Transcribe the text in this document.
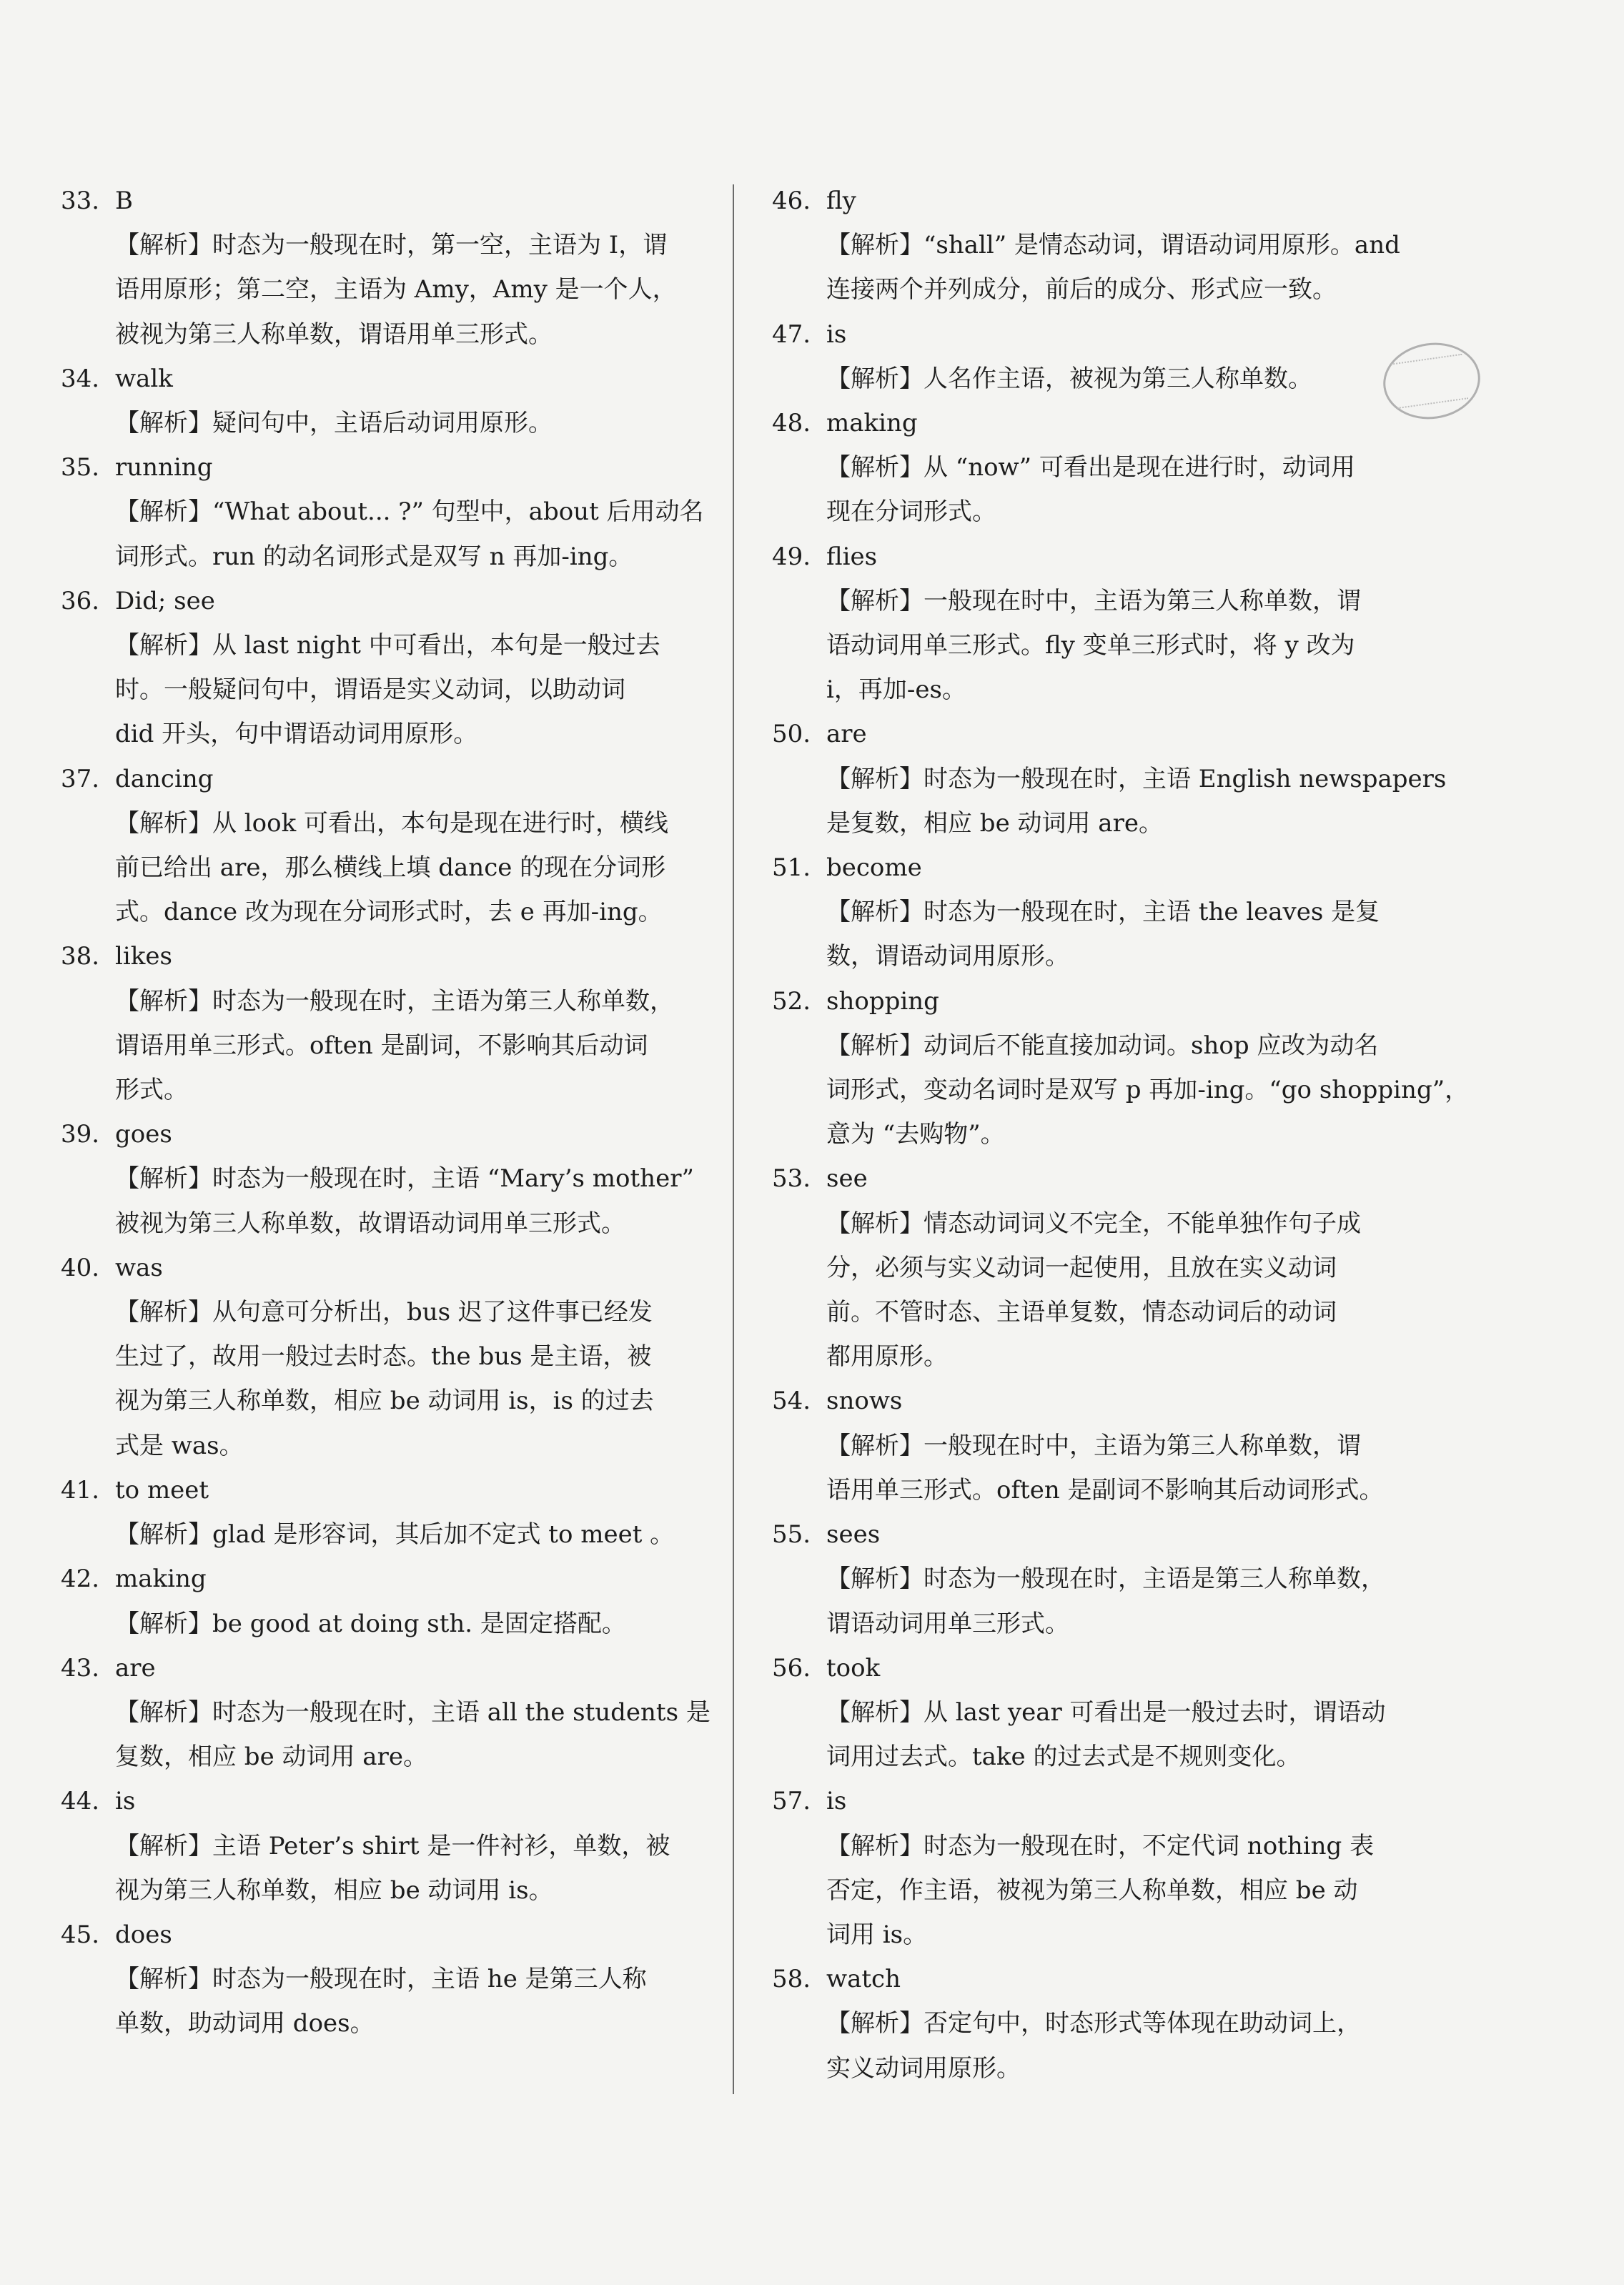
33. B
【解析】时态为一般现在时，第一空，主语为 I，谓
语用原形；第二空，主语为 Amy，Amy 是一个人，
被视为第三人称单数，谓语用单三形式。
34. walk
【解析】疑问句中，主语后动词用原形。
35. running
【解析】“What about... ?” 句型中，about 后用动名
词形式。run 的动名词形式是双写 n 再加-ing。
36. Did; see
【解析】从 last night 中可看出，本句是一般过去
时。一般疑问句中，谓语是实义动词，以助动词
did 开头，句中谓语动词用原形。
37. dancing
【解析】从 look 可看出，本句是现在进行时，横线
前已给出 are，那么横线上填 dance 的现在分词形
式。dance 改为现在分词形式时，去 e 再加-ing。
38. likes
【解析】时态为一般现在时，主语为第三人称单数，
谓语用单三形式。often 是副词，不影响其后动词
形式。
39. goes
【解析】时态为一般现在时，主语 “Mary’s mother”
被视为第三人称单数，故谓语动词用单三形式。
40. was
【解析】从句意可分析出，bus 迟了这件事已经发
生过了，故用一般过去时态。the bus 是主语，被
视为第三人称单数，相应 be 动词用 is，is 的过去
式是 was。
41. to meet
【解析】glad 是形容词，其后加不定式 to meet 。
42. making
【解析】be good at doing sth. 是固定搭配。
43. are
【解析】时态为一般现在时，主语 all the students 是
复数，相应 be 动词用 are。
44. is
【解析】主语 Peter’s shirt 是一件衬衫，单数，被
视为第三人称单数，相应 be 动词用 is。
45. does
【解析】时态为一般现在时，主语 he 是第三人称
单数，助动词用 does。
46. fly
【解析】“shall” 是情态动词，谓语动词用原形。and
连接两个并列成分，前后的成分、形式应一致。
47. is
【解析】人名作主语，被视为第三人称单数。
48. making
【解析】从 “now” 可看出是现在进行时，动词用
现在分词形式。
49. flies
【解析】一般现在时中，主语为第三人称单数，谓
语动词用单三形式。fly 变单三形式时，将 y 改为
i，再加-es。
50. are
【解析】时态为一般现在时，主语 English newspapers
是复数，相应 be 动词用 are。
51. become
【解析】时态为一般现在时，主语 the leaves 是复
数，谓语动词用原形。
52. shopping
【解析】动词后不能直接加动词。shop 应改为动名
词形式，变动名词时是双写 p 再加-ing。“go shopping”，
意为 “去购物”。
53. see
【解析】情态动词词义不完全，不能单独作句子成
分，必须与实义动词一起使用，且放在实义动词
前。不管时态、主语单复数，情态动词后的动词
都用原形。
54. snows
【解析】一般现在时中，主语为第三人称单数，谓
语用单三形式。often 是副词不影响其后动词形式。
55. sees
【解析】时态为一般现在时，主语是第三人称单数，
谓语动词用单三形式。
56. took
【解析】从 last year 可看出是一般过去时，谓语动
词用过去式。take 的过去式是不规则变化。
57. is
【解析】时态为一般现在时，不定代词 nothing 表
否定，作主语，被视为第三人称单数，相应 be 动
词用 is。
58. watch
【解析】否定句中，时态形式等体现在助动词上，
实义动词用原形。
